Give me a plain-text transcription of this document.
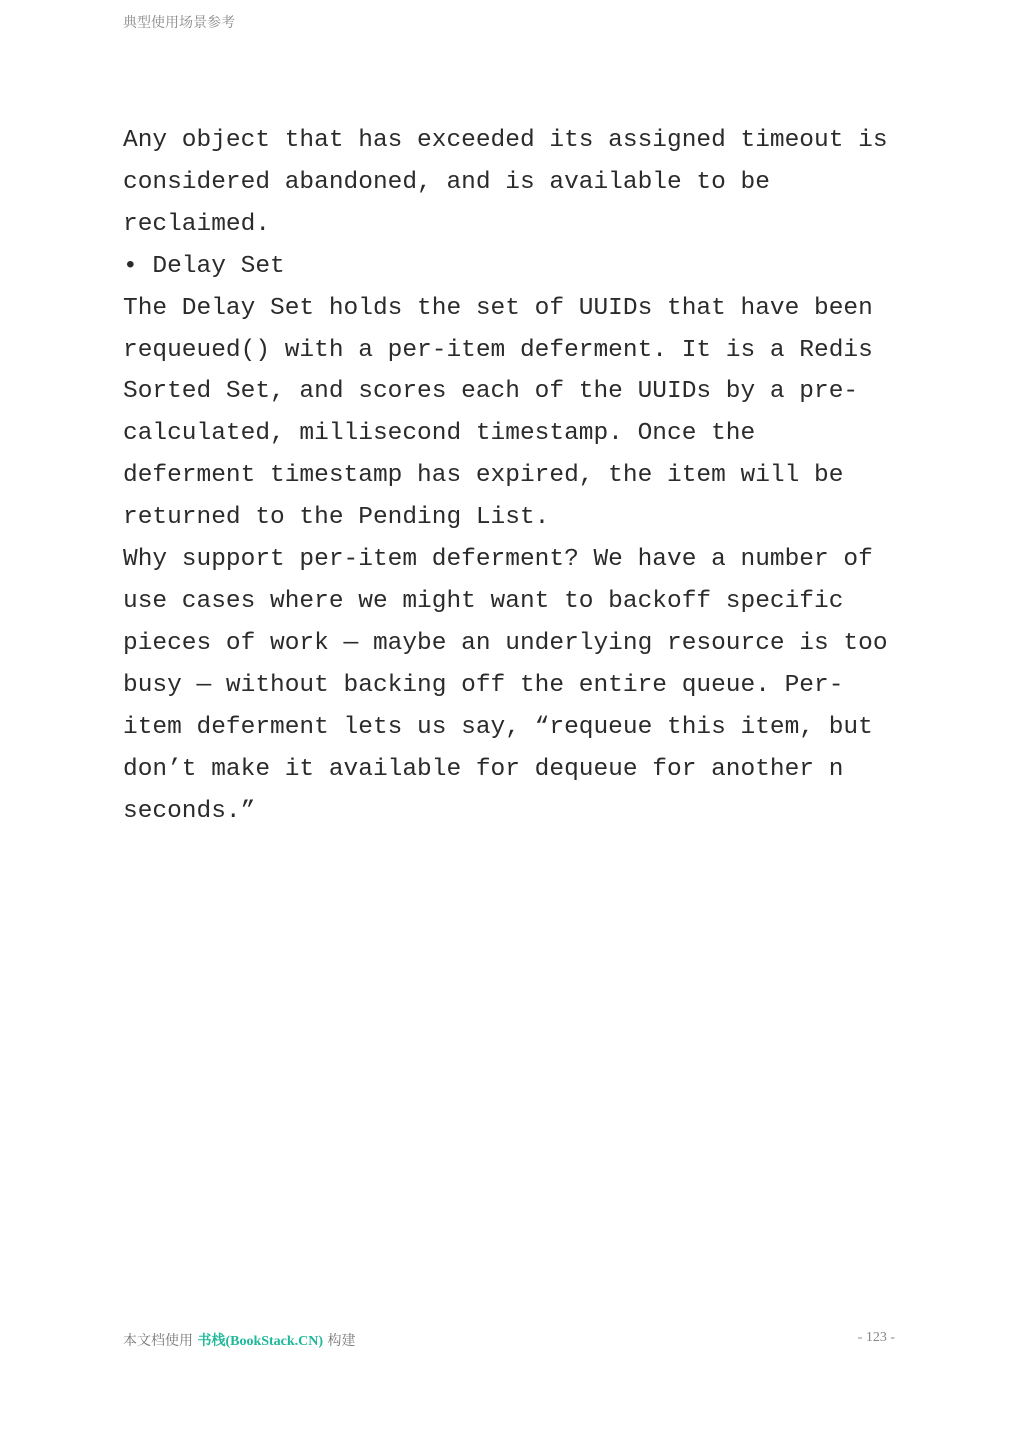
典型使用场景参考

Any object that has exceeded its assigned timeout is

considered abandoned, and is available to be

reclaimed.

• Delay Set

The Delay Set holds the set of UUIDs that have been

requeued() with a per-item deferment. It is a Redis

Sorted Set, and scores each of the UUIDs by a pre-

calculated, millisecond timestamp. Once the

deferment timestamp has expired, the item will be

returned to the Pending List.

Why support per-item deferment? We have a number of

use cases where we might want to backoff specific

pieces of work — maybe an underlying resource is too

busy — without backing off the entire queue. Per-

item deferment lets us say, “requeue this item, but

don’t make it available for dequeue for another n

seconds.”

本文档使用 书栈(BookStack.CN) 构建	- 123 -
